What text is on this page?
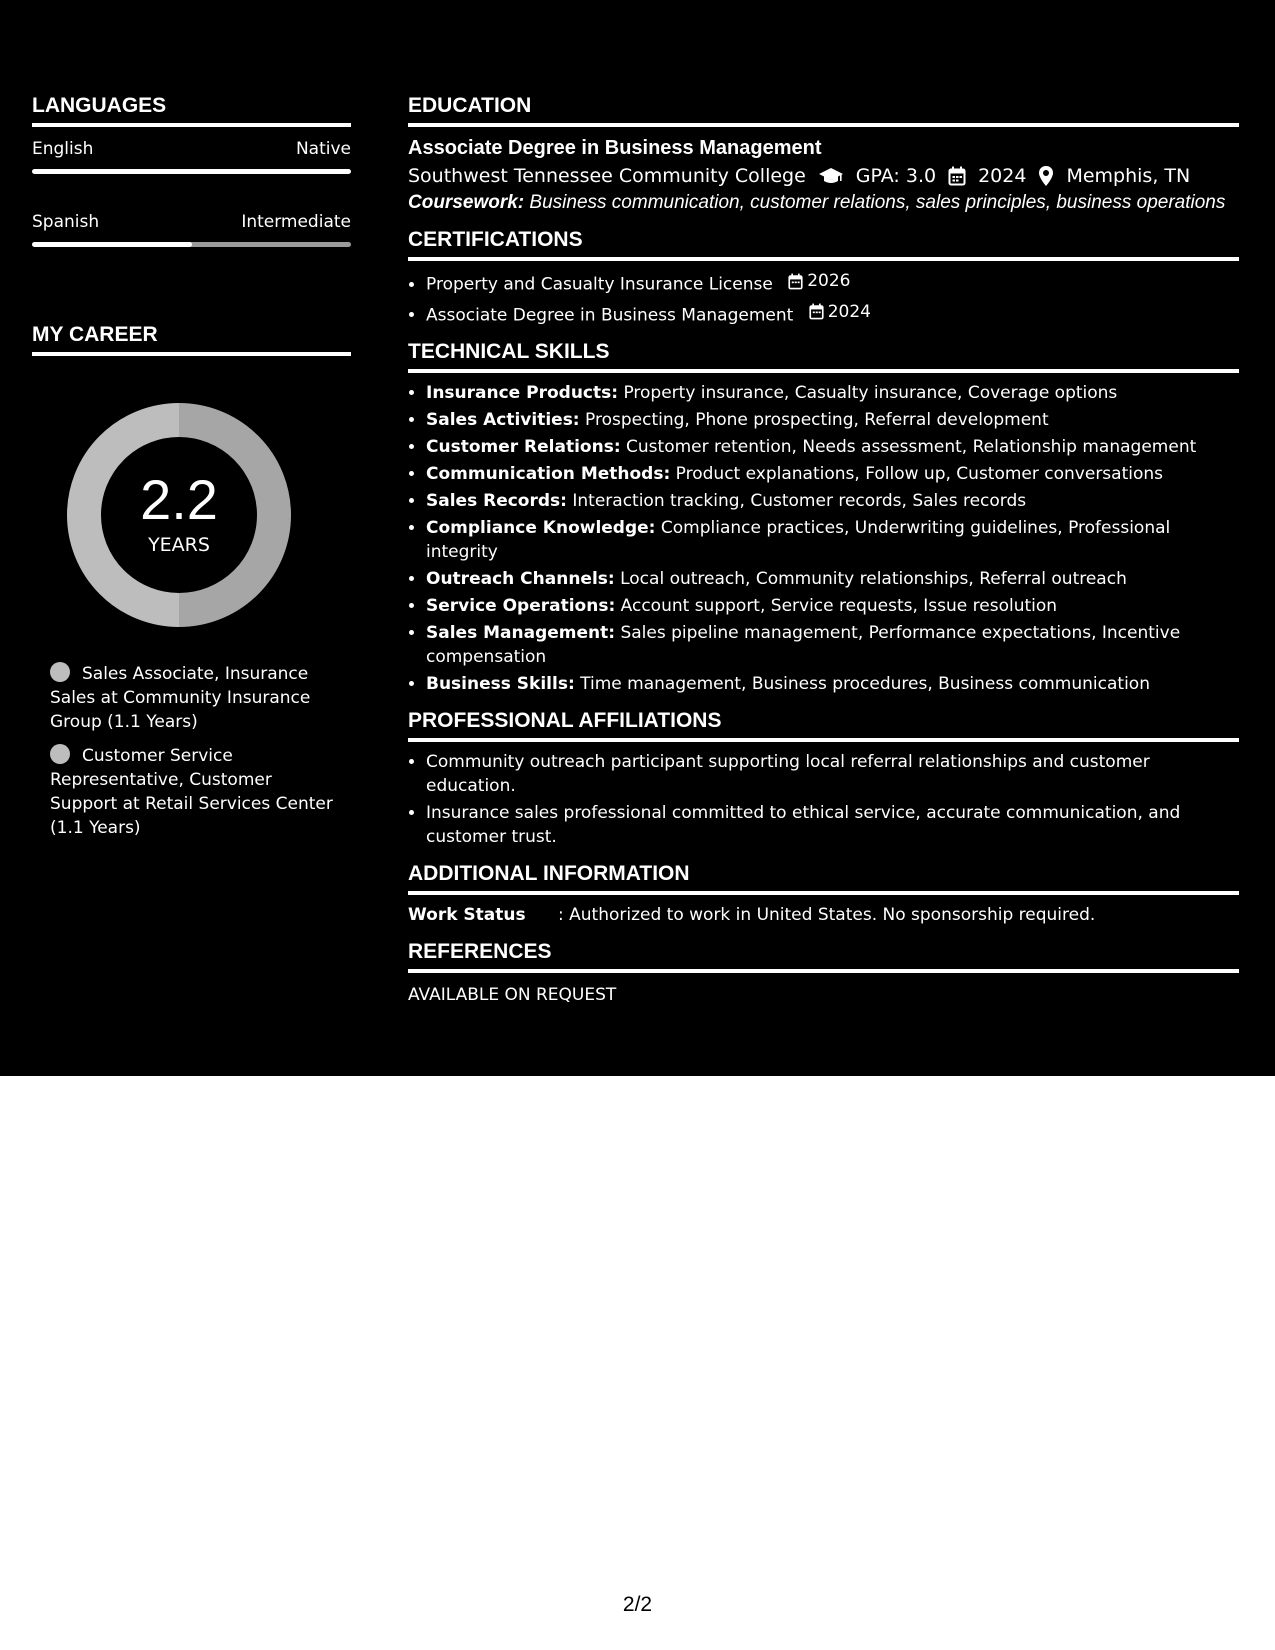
LANGUAGES
English	Native
Spanish	Intermediate
MY CAREER
2.2
YEARS
Sales Associate, Insurance Sales at Community Insurance Group (1.1 Years)
Customer Service Representative, Customer Support at Retail Services Center (1.1 Years)
EDUCATION
Associate Degree in Business Management
Southwest Tennessee Community College	GPA: 3.0 2024 Memphis, TN
Coursework: Business communication, customer relations, sales principles, business operations
CERTIFICATIONS
• Property and Casualty Insurance License 2026
• Associate Degree in Business Management 2024
TECHNICAL SKILLS
• Insurance Products: Property insurance, Casualty insurance, Coverage options
• Sales Activities: Prospecting, Phone prospecting, Referral development
• Customer Relations: Customer retention, Needs assessment, Relationship management
• Communication Methods: Product explanations, Follow up, Customer conversations
• Sales Records: Interaction tracking, Customer records, Sales records
• Compliance Knowledge: Compliance practices, Underwriting guidelines, Professional integrity
• Outreach Channels: Local outreach, Community relationships, Referral outreach
• Service Operations: Account support, Service requests, Issue resolution
• Sales Management: Sales pipeline management, Performance expectations, Incentive compensation
• Business Skills: Time management, Business procedures, Business communication
PROFESSIONAL AFFILIATIONS
• Community outreach participant supporting local referral relationships and customer education.
• Insurance sales professional committed to ethical service, accurate communication, and customer trust.
ADDITIONAL INFORMATION
Work Status	: Authorized to work in United States. No sponsorship required.
REFERENCES
AVAILABLE ON REQUEST
2/2
